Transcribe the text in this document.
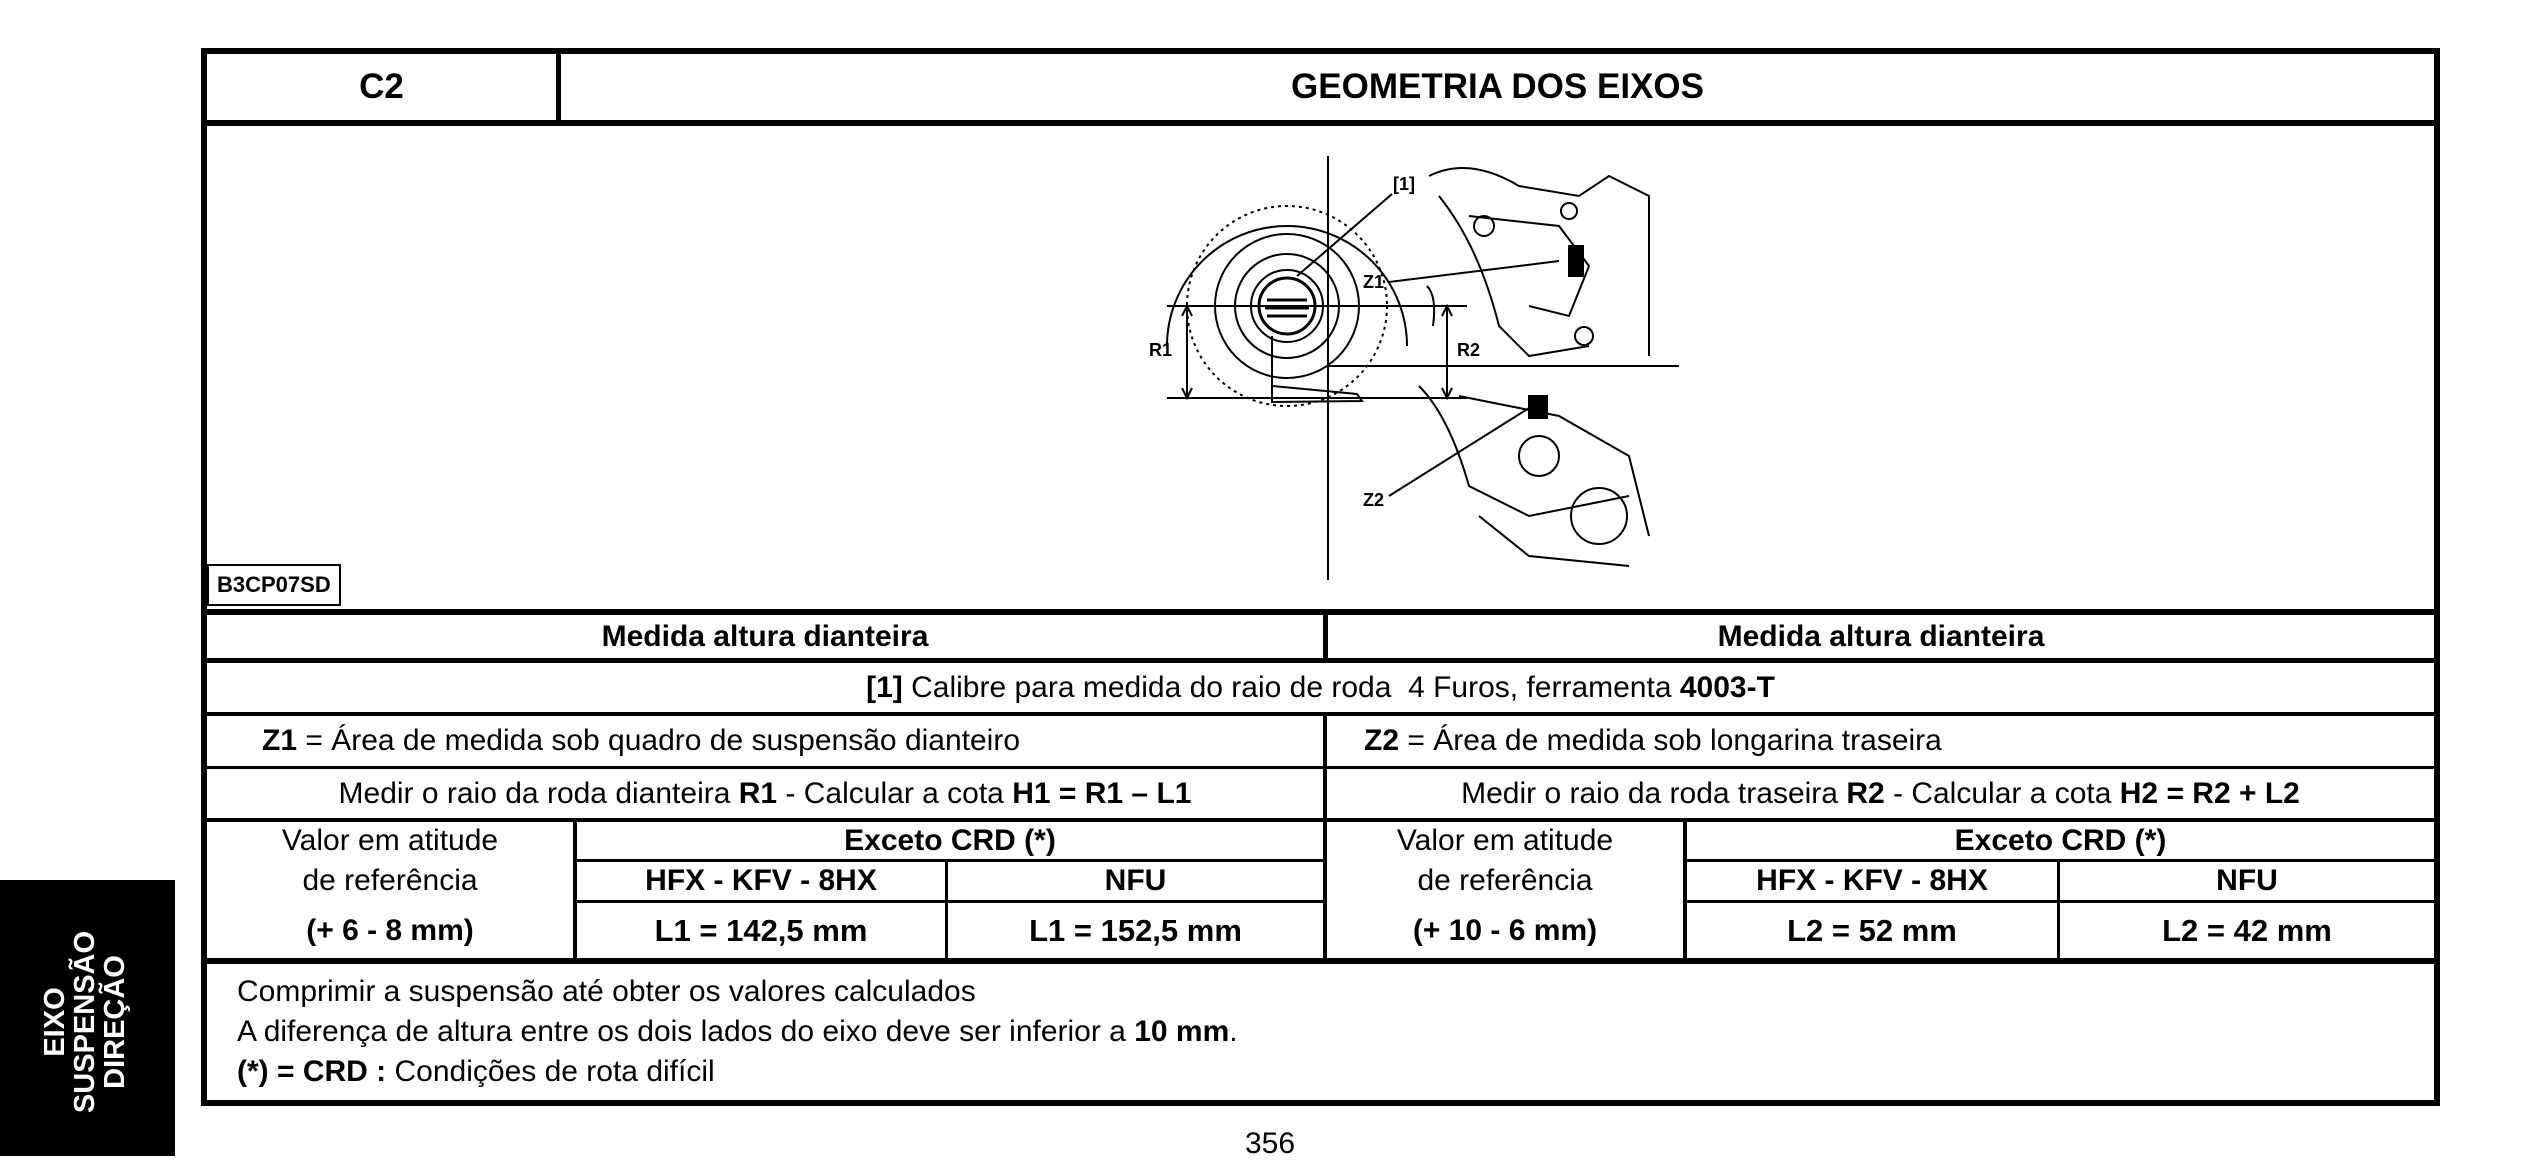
EIXO
SUSPENSÃO
DIREÇÃO
C2	GEOMETRIA DOS EIXOS
B3CP07SD
[1]
R1	R2
Z1
Z2
Medida altura dianteira	Medida altura dianteira
[1] Calibre para medida do raio de roda  4 Furos, ferramenta 4003-T
Z1 = Área de medida sob quadro de suspensão dianteiro	Z2 = Área de medida sob longarina traseira
Medir o raio da roda dianteira R1 - Calcular a cota H1 = R1 – L1	Medir o raio da roda traseira R2 - Calcular a cota H2 = R2 + L2
Valor em atitude
de referência
(+ 6 - 8 mm)
Exceto CRD (*)
HFX - KFV - 8HX	NFU
L1 = 142,5 mm	L1 = 152,5 mm
Valor em atitude
de referência
(+ 10 - 6 mm)
Exceto CRD (*)
HFX - KFV - 8HX	NFU
L2 = 52 mm	L2 = 42 mm
Comprimir a suspensão até obter os valores calculados
A diferença de altura entre os dois lados do eixo deve ser inferior a 10 mm.
(*) = CRD : Condições de rota difícil
356
